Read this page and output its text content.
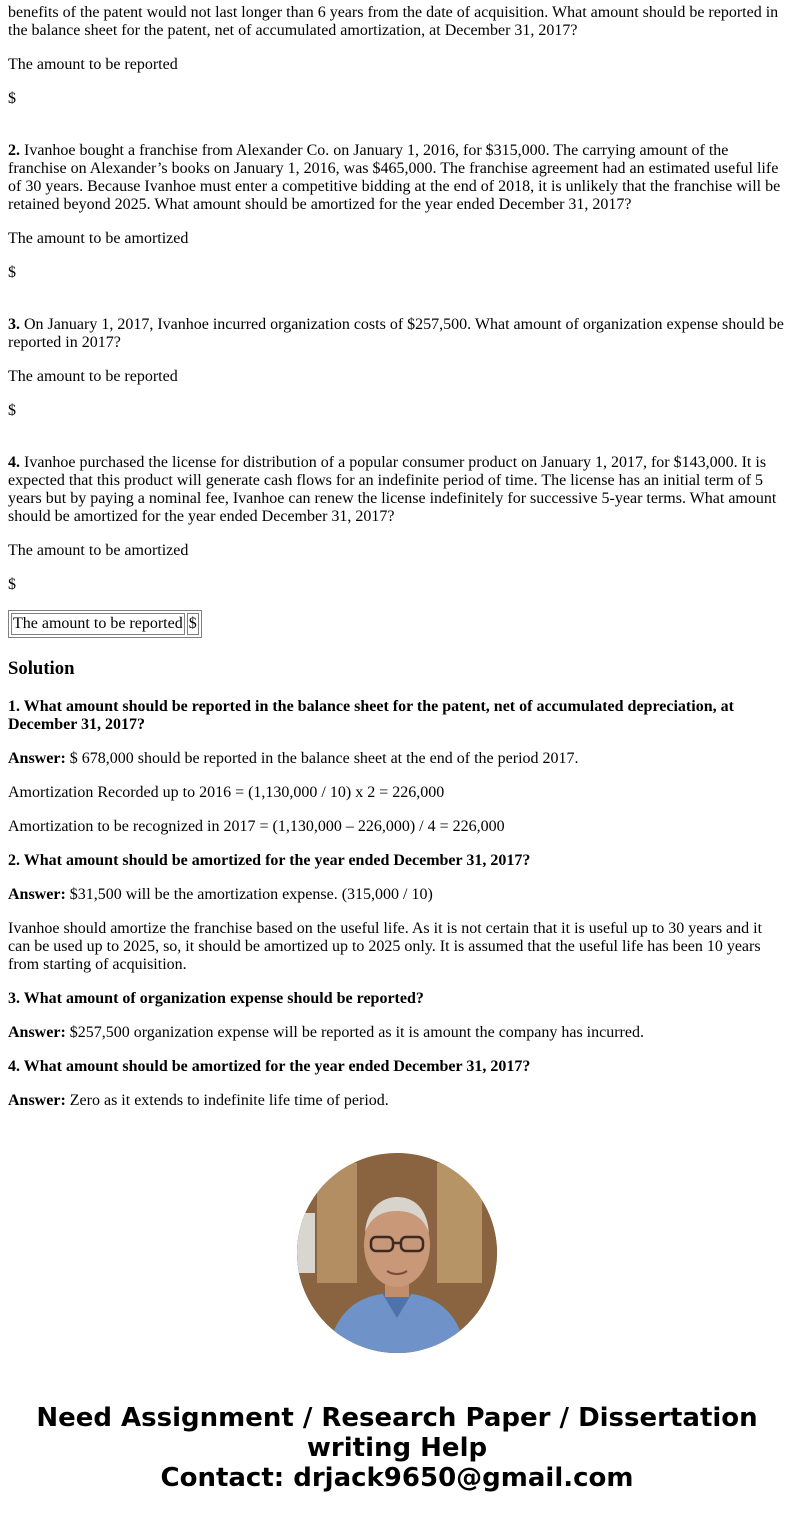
benefits of the patent would not last longer than 6 years from the date of acquisition. What amount should be reported in the balance sheet for the patent, net of accumulated amortization, at December 31, 2017?

The amount to be reported

$

2. Ivanhoe bought a franchise from Alexander Co. on January 1, 2016, for $315,000. The carrying amount of the franchise on Alexander’s books on January 1, 2016, was $465,000. The franchise agreement had an estimated useful life of 30 years. Because Ivanhoe must enter a competitive bidding at the end of 2018, it is unlikely that the franchise will be retained beyond 2025. What amount should be amortized for the year ended December 31, 2017?

The amount to be amortized

$

3. On January 1, 2017, Ivanhoe incurred organization costs of $257,500. What amount of organization expense should be reported in 2017?

The amount to be reported

$

4. Ivanhoe purchased the license for distribution of a popular consumer product on January 1, 2017, for $143,000. It is expected that this product will generate cash flows for an indefinite period of time. The license has an initial term of 5 years but by paying a nominal fee, Ivanhoe can renew the license indefinitely for successive 5-year terms. What amount should be amortized for the year ended December 31, 2017?

The amount to be amortized

$

The amount to be reported	$
Solution

1. What amount should be reported in the balance sheet for the patent, net of accumulated depreciation, at December 31, 2017?

Answer: $ 678,000 should be reported in the balance sheet at the end of the period 2017.

Amortization Recorded up to 2016 = (1,130,000 / 10) x 2 = 226,000

Amortization to be recognized in 2017 = (1,130,000 – 226,000) / 4 = 226,000

2. What amount should be amortized for the year ended December 31, 2017?

Answer: $31,500 will be the amortization expense. (315,000 / 10)

Ivanhoe should amortize the franchise based on the useful life. As it is not certain that it is useful up to 30 years and it can be used up to 2025, so, it should be amortized up to 2025 only. It is assumed that the useful life has been 10 years from starting of acquisition.

3. What amount of organization expense should be reported?

Answer: $257,500 organization expense will be reported as it is amount the company has incurred.

4. What amount should be amortized for the year ended December 31, 2017?

Answer: Zero as it extends to indefinite life time of period.

Need Assignment / Research Paper / Dissertation
writing Help
Contact: drjack9650@gmail.com
